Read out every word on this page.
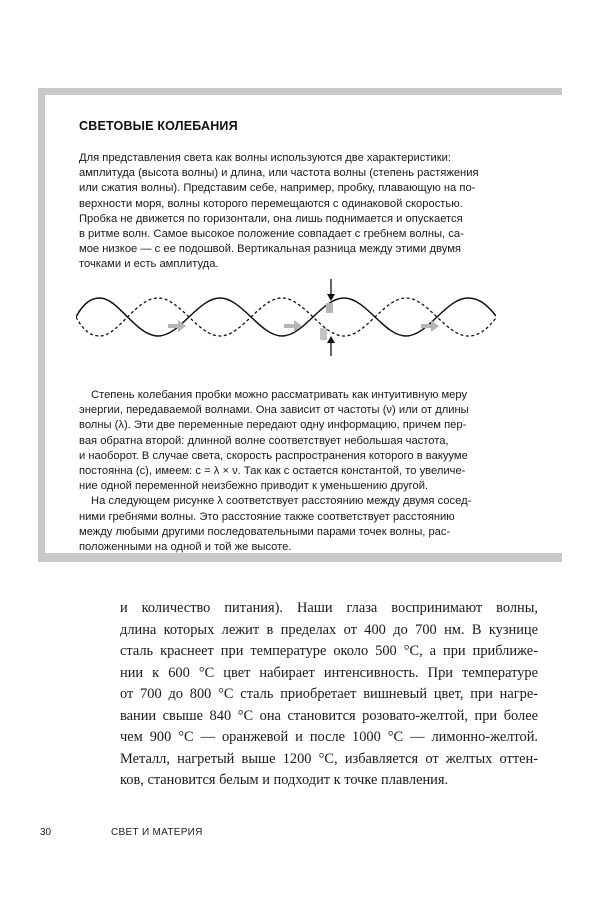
СВЕТОВЫЕ КОЛЕБАНИЯ

Для представления света как волны используются две характеристики:

амплитуда (высота волны) и длина, или частота волны (степень растяжения

или сжатия волны). Представим себе, например, пробку, плавающую на по-

верхности моря, волны которого перемещаются с одинаковой скоростью.

Пробка не движется по горизонтали, она лишь поднимается и опускается

в ритме волн. Самое высокое положение совпадает с гребнем волны, са-

мое низкое — с ее подошвой. Вертикальная разница между этими двумя

точками и есть амплитуда.

Степень колебания пробки можно рассматривать как интуитивную меру

энергии, передаваемой волнами. Она зависит от частоты (ν) или от длины

волны (λ). Эти две переменные передают одну информацию, причем пер-

вая обратна второй: длинной волне соответствует небольшая частота,

и наоборот. В случае света, скорость распространения которого в вакууме

постоянна (c), имеем: c = λ × ν. Так как c остается константой, то увеличе-

ние одной переменной неизбежно приводит к уменьшению другой.

На следующем рисунке λ соответствует расстоянию между двумя сосед-

ними гребнями волны. Это расстояние также соответствует расстоянию

между любыми другими последовательными парами точек волны, рас-

положенными на одной и той же высоте.

и количество питания). Наши глаза воспринимают волны,
длина которых лежит в пределах от 400 до 700 нм. В кузнице
сталь краснеет при температуре около 500 °С, а при приближе-
нии к 600 °С цвет набирает интенсивность. При температуре
от 700 до 800 °С сталь приобретает вишневый цвет, при нагре-
вании свыше 840 °С она становится розовато-желтой, при более
чем 900 °С — оранжевой и после 1000 °С — лимонно-желтой.
Металл, нагретый выше 1200 °С, избавляется от желтых оттен-
ков, становится белым и подходит к точке плавления.
30	СВЕТ И МАТЕРИЯ
